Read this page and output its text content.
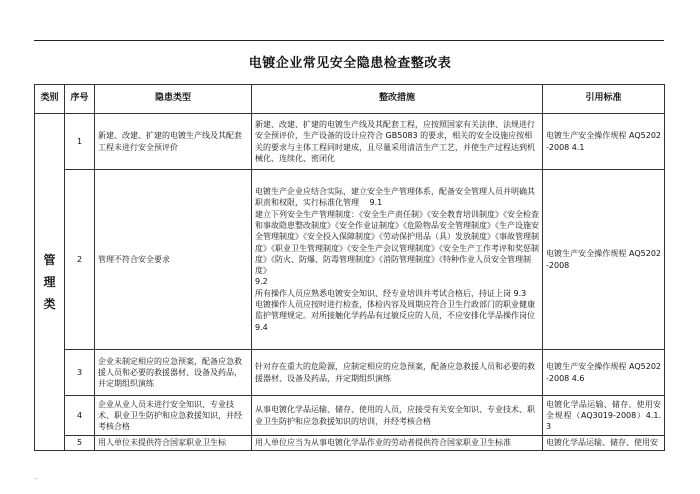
电镀企业常见安全隐患检查整改表
类别	序号	隐患类型	整改措施	引用标准

管
理
类	1	新建、改建、扩建的电镀生产线及其配套工程未进行安全预评价	新建、改建、扩建的电镀生产线及其配套工程，应按照国家有关法律、法规进行安全预评价，生产设备的设计应符合 GB5083 的要求，相关的安全设施应按相关的要求与主体工程同时建成，且尽量采用清洁生产工艺，并使生产过程达到机械化、连续化、密闭化	电镀生产安全操作规程 AQ5202-2008 4.1
	2	管理不符合安全要求	电镀生产企业应结合实际，建立安全生产管理体系，配备安全管理人员并明确其职责和权限，实行标准化管理　 9.1
建立下列安全生产管理制度：《安全生产责任制》《安全教育培训制度》《安全检查和事故隐患整改制度》《安全作业证制度》《危险物品安全管理制度》《生产设施安全管理制度》《安全投入保障制度》《劳动保护用品（具）发放制度》《事故管理制度》《职业卫生管理制度》《安全生产会议管理制度》《安全生产工作考评和奖惩制度》《防火、防爆、防毒管理制度》《消防管理制度》《特种作业人员安全管理制度》
9.2
所有操作人员应熟悉电镀安全知识、经专业培训并考试合格后，持证上岗 9.3
电镀操作人员应按时进行检查，体检内容及周期应符合卫生行政部门的职业健康监护管理规定。对所接触化学药品有过敏反应的人员，不应安排化学品操作岗位 9.4	电镀生产安全操作规程 AQ5202-2008
	3	企业未制定相应的应急预案，配备应急救援人员和必要的救援器材、设备及药品，并定期组织演练	针对存在重大的危险源，应制定相应的应急预案，配备应急救援人员和必要的救援器材、设备及药品，并定期组织演练	电镀生产安全操作规程 AQ5202-2008 4.6
	4	企业从业人员未进行安全知识、专业技术、职业卫生防护和应急救援知识，并经考核合格	从事电镀化学品运输、储存、使用的人员，应接受有关安全知识、专业技术、职业卫生防护和应急救援知识的培训，并经考核合格	电镀化学品运输、储存、使用安全规程（AQ3019-2008）4.1.3
	5	用人单位未提供符合国家职业卫生标	用人单位应当为从事电镀化学品作业的劳动者提供符合国家职业卫生标准	电镀化学品运输、储存、使用安
..
